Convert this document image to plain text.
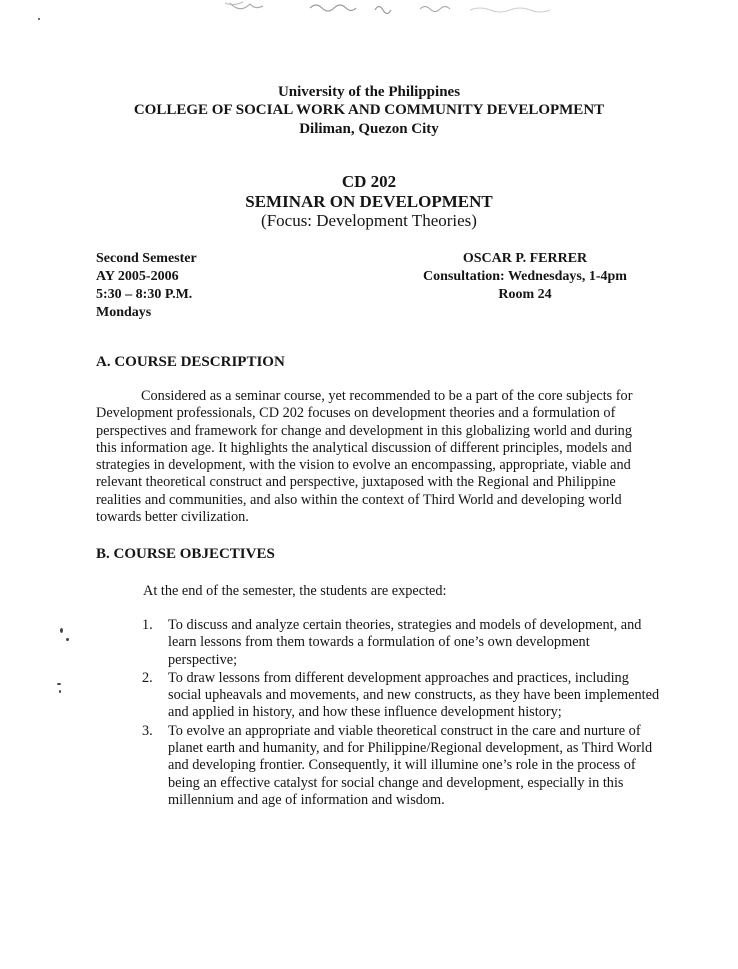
University of the Philippines
COLLEGE OF SOCIAL WORK AND COMMUNITY DEVELOPMENT
Diliman, Quezon City
CD 202
SEMINAR ON DEVELOPMENT
(Focus: Development Theories)
Second Semester
AY 2005-2006
5:30 – 8:30 P.M.
Mondays
OSCAR P. FERRER
Consultation: Wednesdays, 1-4pm
Room 24
A. COURSE DESCRIPTION
Considered as a seminar course, yet recommended to be a part of the core subjects for Development professionals, CD 202 focuses on development theories and a formulation of perspectives and framework for change and development in this globalizing world and during this information age. It highlights the analytical discussion of different principles, models and strategies in development, with the vision to evolve an encompassing, appropriate, viable and relevant theoretical construct and perspective, juxtaposed with the Regional and Philippine realities and communities, and also within the context of Third World and developing world towards better civilization.
B. COURSE OBJECTIVES
At the end of the semester, the students are expected:
1. To discuss and analyze certain theories, strategies and models of development, and learn lessons from them towards a formulation of one’s own development perspective;
2. To draw lessons from different development approaches and practices, including social upheavals and movements, and new constructs, as they have been implemented and applied in history, and how these influence development history;
3. To evolve an appropriate and viable theoretical construct in the care and nurture of planet earth and humanity, and for Philippine/Regional development, as Third World and developing frontier. Consequently, it will illumine one’s role in the process of being an effective catalyst for social change and development, especially in this millennium and age of information and wisdom.
